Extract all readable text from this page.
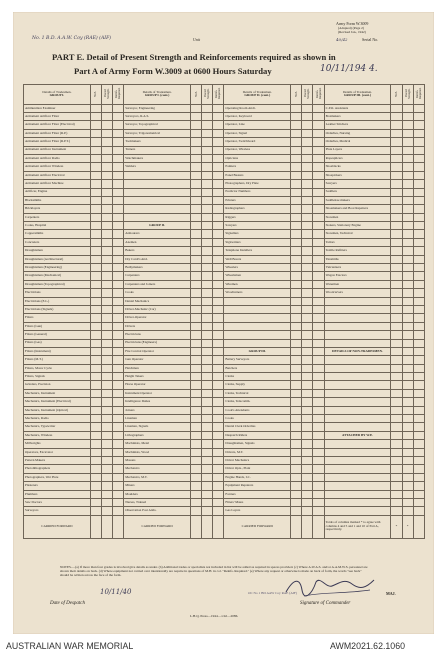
No. 1 B.D. A.A.W. Coy (RAE) (AIF)	Unit
Army Form W.3009
(Adapted) (Page 2)
(Revised Jan., 1942)
40/42	Serial No.
PART E. Detail of Present Strength and Reinforcements required as shown in
Part A of Army Form W.3009 at 0600 Hours Saturday	10/11/194 4.
Details of Tradesmen.
GROUP I.	W.E.	Posted Strength.	Reinfs. Required.	Details of Tradesmen.
GROUP I. (cont.)	W.E.	Posted Strength.	Reinfs. Required.	Details of Tradesmen.
GROUP II. (cont.)	W.E.	Posted Strength.	Reinfs. Required.	Details of Tradesmen.
GROUP III. (cont.)	W.E.	Posted Strength.	Reinfs. Required.
Ammunition Examiner				Surveyor, Engineering				Operating Room Attdt.				C.P.O. Assistants			
Armament Artificer Fitter				Surveyors, R.A.S.				Operator, Keyboard				Boxmakers			
Armament Artificer Fitter (Electrical)				Surveyor, Topographical				Operator, Line				Leather Stitchers			
Armament Artificer Fitter (R.P.)				Surveyor, Trigonometrical				Operator, Signal				Orderlies, Nursing			
Armament Artificer Fitter (R.P.T.)				Toolmakers				Operator, Switchboard				Orderlies, Medical			
Armament Artificer Instrument				Turners				Operator, Wireless				Plate Layers			
Armament Artificer Radio				Watchmakers				Opticians				Ropesplicers			
Armament Artificer Wireless				Welders				Painters				Shoeblacks			
Armament Artificer Electrical								Panel Beaters				Shoepickers			
Armament Artificer Machine								Photographers, Dry Plate				Sawyers			
Artificer, Engine								Predictor Numbers				Saddlers			
Blacksmiths								Printers				Saddletree makers			
Bricklayers								Radiographers				Shoemakers and Boot Repairers			
Carpenters								Riggers				Storemen			
Cooks, Hospital				GROUP II.				Sawyers				Stokers, Stationary Engine			
Coppersmiths				Armourers				Signallers				Storemen, Technical			
Concreters				Axemen				Signwriters				Tailors			
Draughtsmen				Bakers				Telephone Installers				Textile Refitters			
Draughtsmen (Architectural)				Dry Cardr's Attd.				Well Borers				Tinsmiths			
Draughtsmen (Engineering)				Bathymakers				Wheelers				Vulcanisers			
Draughtsmen (Mechanical)				Carpenters				Wheelsmen				Wagon Erectors			
Draughtsmen (Topographical)				Carpenters and Joiners				Wiremen				Watermen			
Electricians				Cooks				Woodturners				Woodcarvers			
Electricians (E.L.)				Dental Mechanics											
Electricians (Signals)				Driver-Mechanic (Car)											
Fitters				Driver-Operator											
Fitters (Gun)				Drivers											
Fitters (General)				Electricians											
Fitters (Gas)				Electricians (Engineers)											
Fitters (Instrument)				Fire Control Operator				GROUP III.				DETAILS OF NON-TRADESMEN.			
Fitters (M.T.)				Gun Operator				Battery Surveyors							
Fitters, Motor Cycle				Hatchmen				Butchers							
Fitters, Signals				Height Takers				Clerks							
Grinders, Precision				Horse Operator				Clerks, Supply							
Mechanics, Instrument				Instrument Operator				Clerks, Technical							
Mechanics, Instrument (Electrical)				Intelligence Duties				Clerks, Telecomm.							
Mechanics, Instrument (Optical)				Joiners				Cook's Attendants							
Mechanics, Radio				Linemen				Cooks							
Mechanics, Typewriter				Linemen, Signals				Dental Clerk Orderlies							
Mechanics, Wireless				Lithographers				Despatch Riders				ATTACHED BY W.E.			
Millwrights				Machinists, Metal				Draughtsmen, Signals							
Operators, Excavator				Machinists, Wood				Drivers, M.T.							
Pattern Makers				Masons				Driver Mechanics							
Photolithographers				Mechanics				Driver Opts., Plant							
Photographers, Wet Plate				Mechanics, M.T.				Engine Hands, I.C.							
Plasterers				Miners				Equipment Repairers							
Plumbers				Moulders				Farriers							
Saw Doctors				Nurses, Trained				Fitters' Mates							
Surveyors				Observation Post Attds.				Gas Layers							
CARRIED FORWARD				CARRIED FORWARD				CARRIED FORWARD				Totals of columns marked * to agree with columns 4 and 5 and 1 and 10 of Part A, respectively.	*	*	
NOTES.—(a) If more than four grades is involved give details as under. (b) Additional trades or specialists not included in list will be added as required in spaces provided. (c) Where A.W.A.S. and/or A.A.M.W.S. personnel are shown their details on back. (d) Where equipment not carried over intentionally are require in questions of M.H. in col. "Reinfs. Required." (e) Where any request or otherwise is made on back of form, the words "see back" should be written across the face of the form.
10/11/40
Date of Despatch
OC No 1 BD AAW Coy RAE (AIF)	MAJ.
Signature of Commander
L.H.Q. Press—1944—1/42—2086.
AUSTRALIAN WAR MEMORIAL	AWM2021.62.1060
